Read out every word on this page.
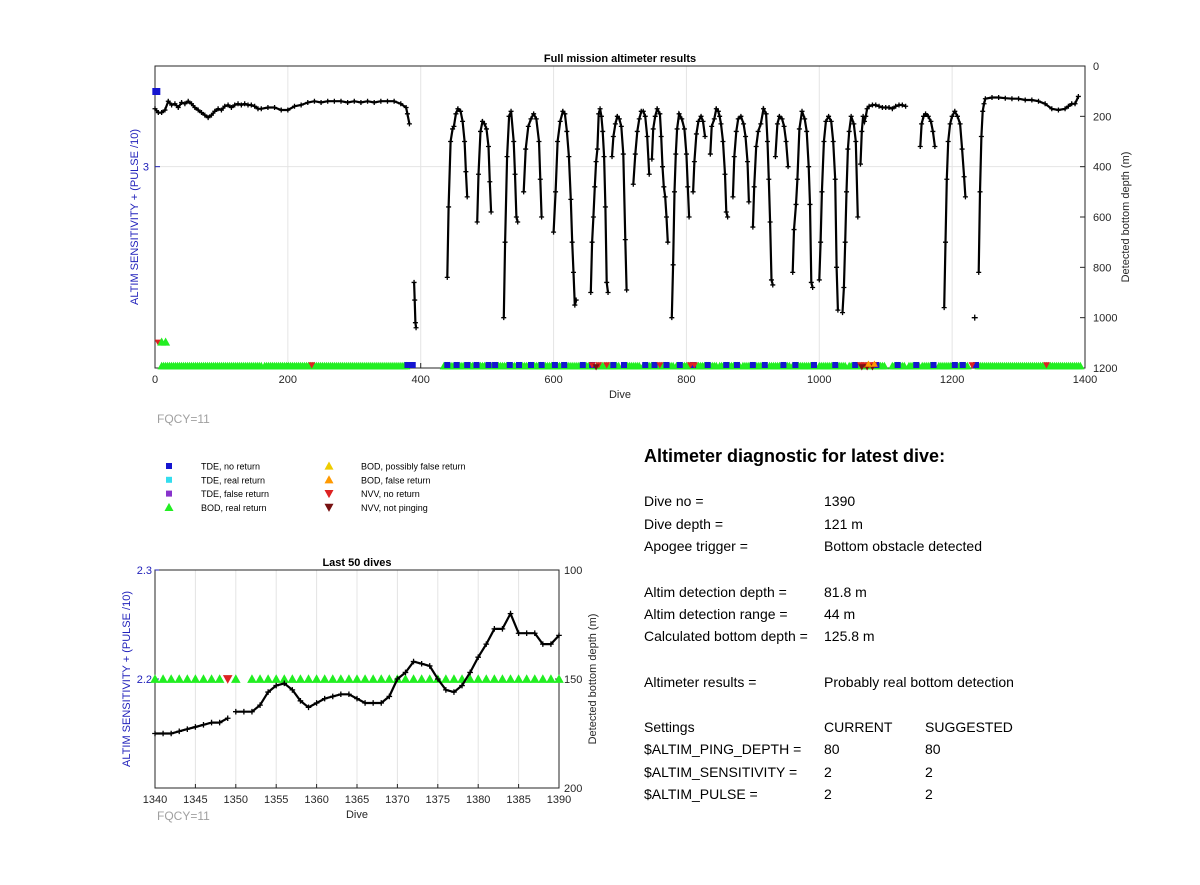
0	200	400	600	800	1000	1200	1400
0
200
400
600
800
1000
1200
3
Full mission altimeter results
Dive
ALTIM SENSITIVITY + (PULSE /10)	Detected bottom depth (m)
FQCY=11
TDE, no return
TDE, real return
TDE, false return
BOD, real return
BOD, possibly false return
BOD, false return
NVV, no return
NVV, not pinging
1340 1345 1350 1355 1360 1365 1370 1375 1380 1385 1390
100
150
200
2.2
2.3
Last 50 dives
Dive
ALTIM SENSITIVITY + (PULSE /10)	Detected bottom depth (m)
FQCY=11
Altimeter diagnostic for latest dive:
Dive no =	1390
Dive depth =	121 m
Apogee trigger =	Bottom obstacle detected
Altim detection depth =	81.8 m
Altim detection range =	44 m
Calculated bottom depth = 125.8 m
Altimeter results =	Probably real bottom detection
Settings	CURRENT SUGGESTED
$ALTIM_PING_DEPTH = 80	80
$ALTIM_SENSITIVITY = 2	2
$ALTIM_PULSE =	2	2
